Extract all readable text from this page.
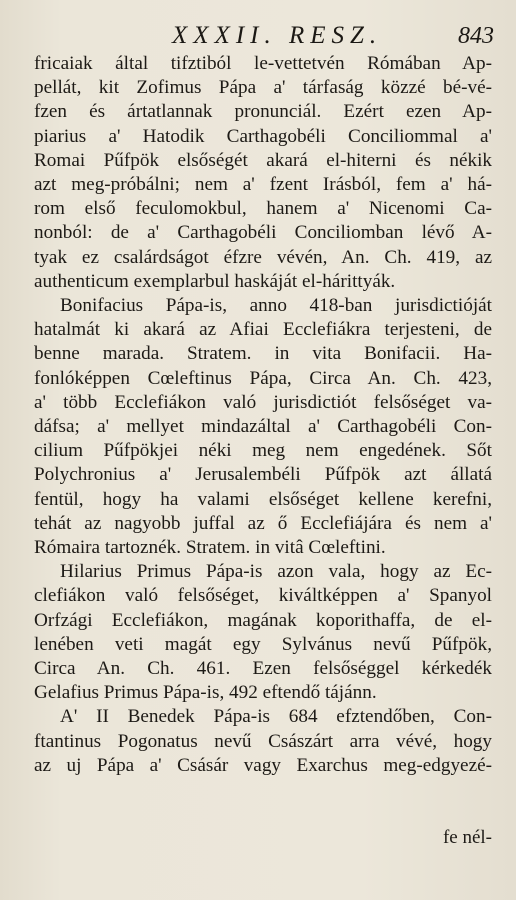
XXXII. RESZ.	843
fricaiak által tifztiból le-vettetvén Rómában Ap-
pellát, kit Zofimus Pápa a' tárfaság közzé bé-vé-
fzen és ártatlannak pronunciál. Ezért ezen Ap-
piarius a' Hatodik Carthagobéli Conciliommal a'
Romai Pűfpök elsőségét akará el-hiterni és nékik
azt meg-próbálni; nem a' fzent Irásból, fem a' há-
rom első feculomokbul, hanem a' Nicenomi Ca-
nonból: de a' Carthagobéli Conciliomban lévő A-
tyak ez csalárdságot éfzre vévén, An. Ch. 419, az
authenticum exemplarbul haskáját el-hárittyák.
Bonifacius Pápa-is, anno 418-ban jurisdictióját
hatalmát ki akará az Afiai Ecclefiákra terjesteni, de
benne marada. Stratem. in vita Bonifacii. Ha-
fonlóképpen Cœleftinus Pápa, Circa An. Ch. 423,
a' több Ecclefiákon való jurisdictiót felsőséget va-
dáfsa; a' mellyet mindazáltal a' Carthagobéli Con-
cilium Pűfpökjei néki meg nem engedének. Sőt
Polychronius a' Jerusalembéli Pűfpök azt állatá
fentül, hogy ha valami elsőséget kellene kerefni,
tehát az nagyobb juffal az ő Ecclefiájára és nem a'
Rómaira tartoznék. Stratem. in vitâ Cœleftini.
Hilarius Primus Pápa-is azon vala, hogy az Ec-
clefiákon való felsőséget, kiváltképpen a' Spanyol
Orfzági Ecclefiákon, magának koporithaffa, de el-
lenében veti magát egy Sylvánus nevű Pűfpök,
Circa An. Ch. 461. Ezen felsőséggel kérkedék
Gelafius Primus Pápa-is, 492 eftendő tájánn.
A' II Benedek Pápa-is 684 efztendőben, Con-
ftantinus Pogonatus nevű Császárt arra vévé, hogy
az uj Pápa a' Csásár vagy Exarchus meg-edgyezé-
fe nél-
